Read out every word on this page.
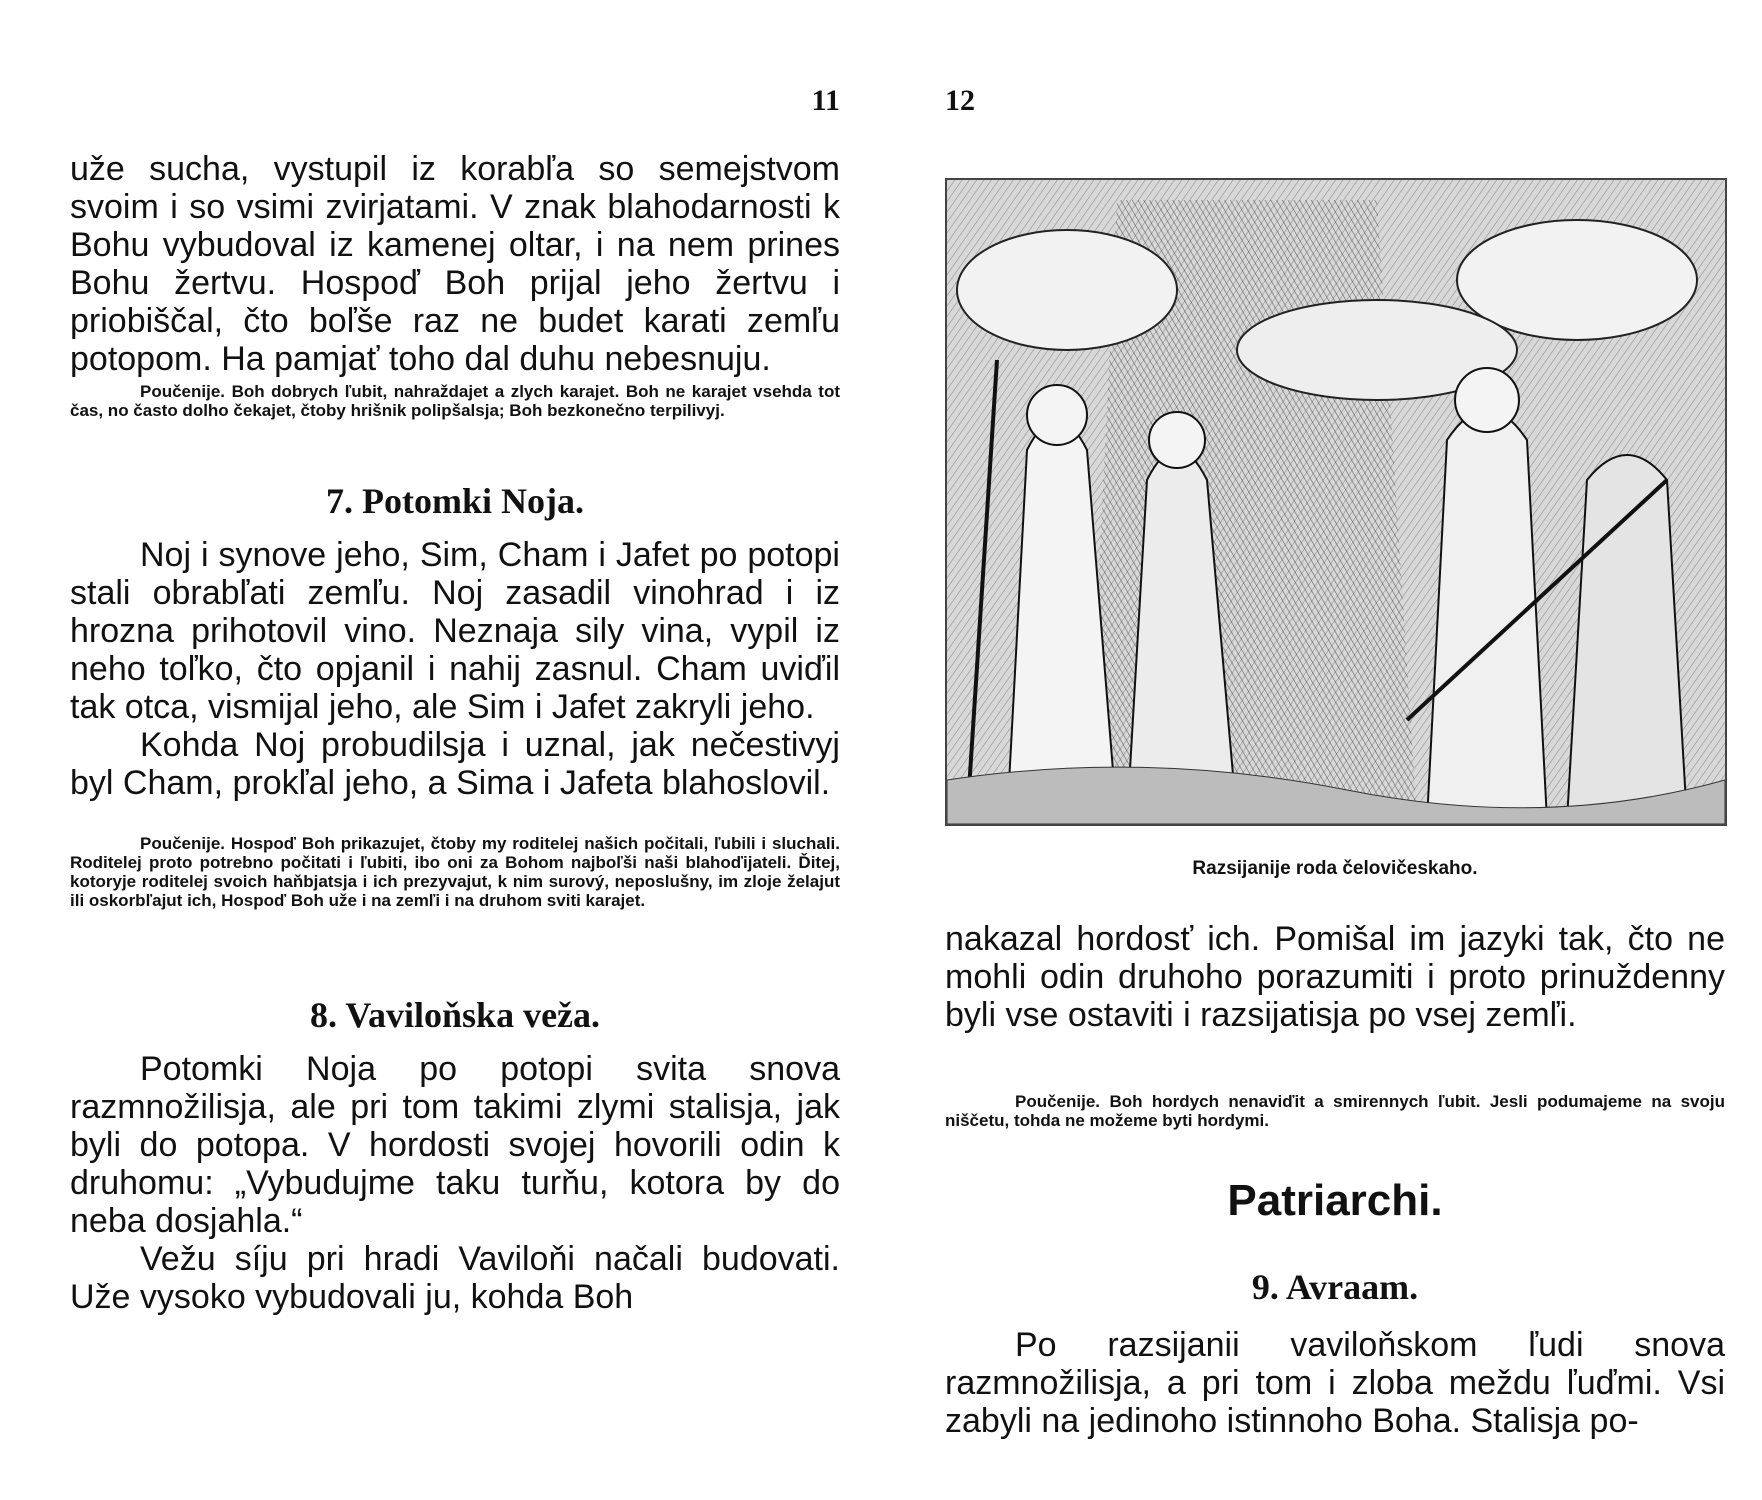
11

uže sucha, vystupil iz korabľa so semejstvom svoim i so vsimi zvirjatami. V znak blahodarnosti k Bohu vybudoval iz kamenej oltar, i na nem prines Bohu žertvu. Hospoď Boh prijal jeho žertvu i priobiščal, čto boľše raz ne budet karati zemľu potopom. Ha pamjať toho dal duhu nebesnuju.

Poučenije. Boh dobrych ľubit, nahraždajet a zlych karajet. Boh ne karajet vsehda tot čas, no často dolho čekajet, čtoby hrišnik polipšalsja; Boh bezkonečno terpilivyj.

7. Potomki Noja.

Noj i synove jeho, Sim, Cham i Jafet po potopi stali obrabľati zemľu. Noj zasadil vinohrad i iz hrozna prihotovil vino. Neznaja sily vina, vypil iz neho toľko, čto opjanil i nahij zasnul. Cham uviďil tak otca, vismijal jeho, ale Sim i Jafet zakryli jeho.

Kohda Noj probudilsja i uznal, jak nečestivyj byl Cham, prokľal jeho, a Sima i Jafeta blahoslovil.

Poučenije. Hospoď Boh prikazujet, čtoby my roditelej našich počitali, ľubili i sluchali. Roditelej proto potrebno počitati i ľubiti, ibo oni za Bohom najboľši naši blahoďijateli. Ďitej, kotoryje roditelej svoich haňbjatsja i ich prezyvajut, k nim surový, neposlušny, im zloje želajut ili oskorbľajut ich, Hospoď Boh uže i na zemľi i na druhom sviti karajet.

8. Vaviloňska veža.

Potomki Noja po potopi svita snova razmnožilisja, ale pri tom takimi zlymi stalisja, jak byli do potopa. V hordosti svojej hovorili odin k druhomu: „Vybudujme taku turňu, kotora by do neba dosjahla.“

Vežu síju pri hradi Vaviloňi načali budovati. Uže vysoko vybudovali ju, kohda Boh

12
Razsijanije roda čelovičeskaho.

nakazal hordosť ich. Pomišal im jazyki tak, čto ne mohli odin druhoho porazumiti i proto prinuždenny byli vse ostaviti i razsijatisja po vsej zemľi.

Poučenije. Boh hordych nenaviďit a smirennych ľubit. Jesli podumajeme na svoju niščetu, tohda ne možeme byti hordymi.

Patriarchi.
9. Avraam.

Po razsijanii vaviloňskom ľudi snova razmnožilisja, a pri tom i zloba meždu ľuďmi. Vsi zabyli na jedinoho istinnoho Boha. Stalisja po-
